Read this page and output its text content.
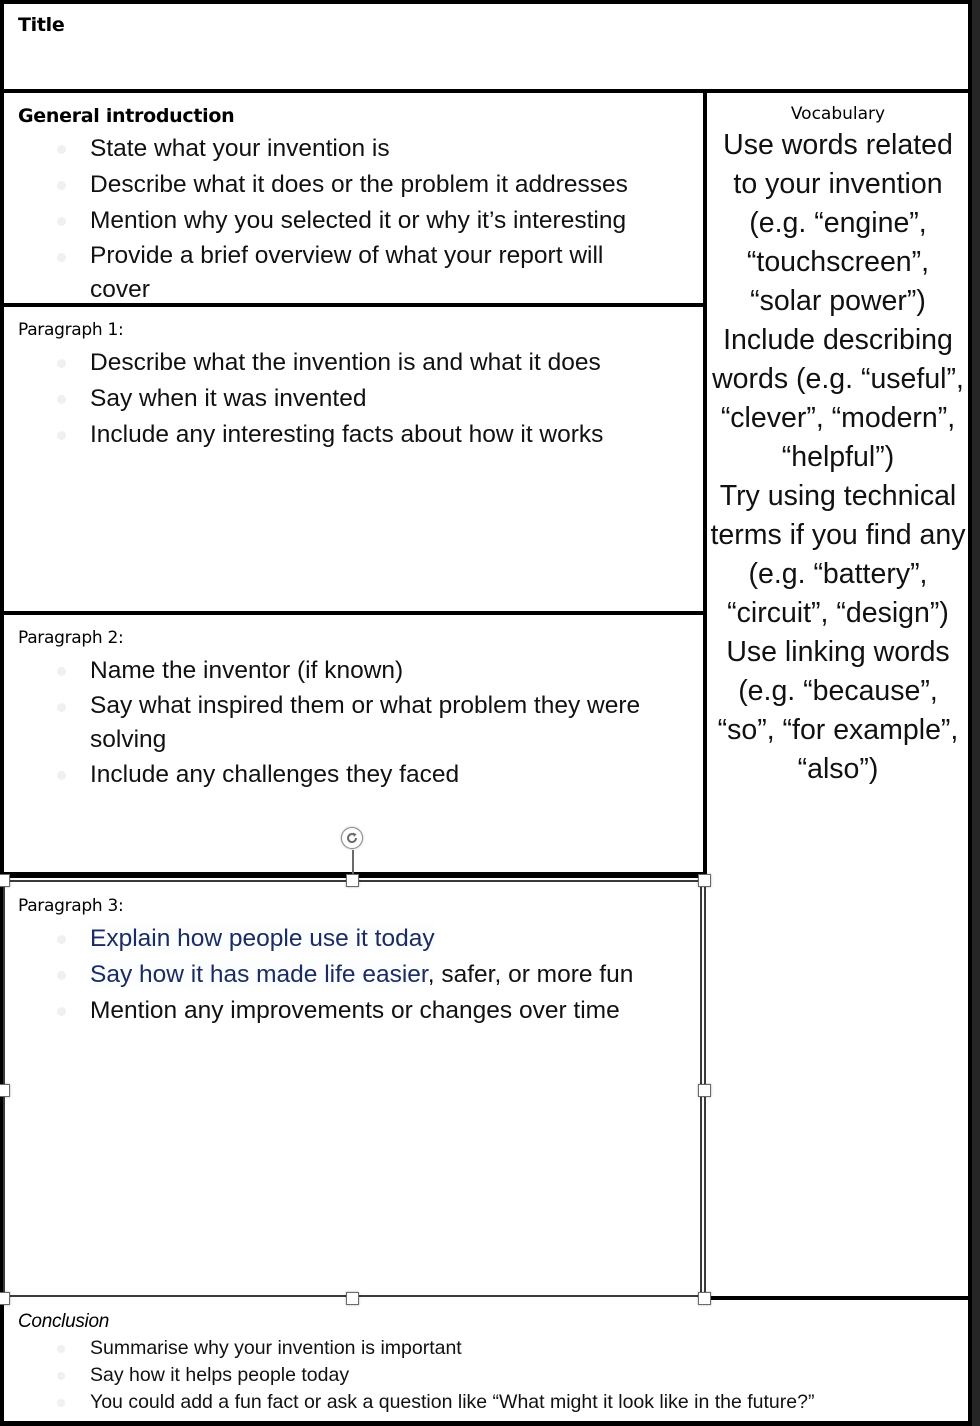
Title
General introduction
State what your invention is
Describe what it does or the problem it addresses
Mention why you selected it or why it’s interesting
Provide a brief overview of what your report will cover
Paragraph 1:
Describe what the invention is and what it does
Say when it was invented
Include any interesting facts about how it works
Paragraph 2:
Name the inventor (if known)
Say what inspired them or what problem they were solving
Include any challenges they faced
Paragraph 3:
Explain how people use it today
Say how it has made life easier, safer, or more fun
Mention any improvements or changes over time
Conclusion
Summarise why your invention is important
Say how it helps people today
You could add a fun fact or ask a question like “What might it look like in the future?”
Vocabulary
Use words related to your invention (e.g. “engine”, “touchscreen”, “solar power”)
Include describing words (e.g. “useful”, “clever”, “modern”, “helpful”)
Try using technical terms if you find any (e.g. “battery”, “circuit”, “design”)
Use linking words (e.g. “because”, “so”, “for example”, “also”)
